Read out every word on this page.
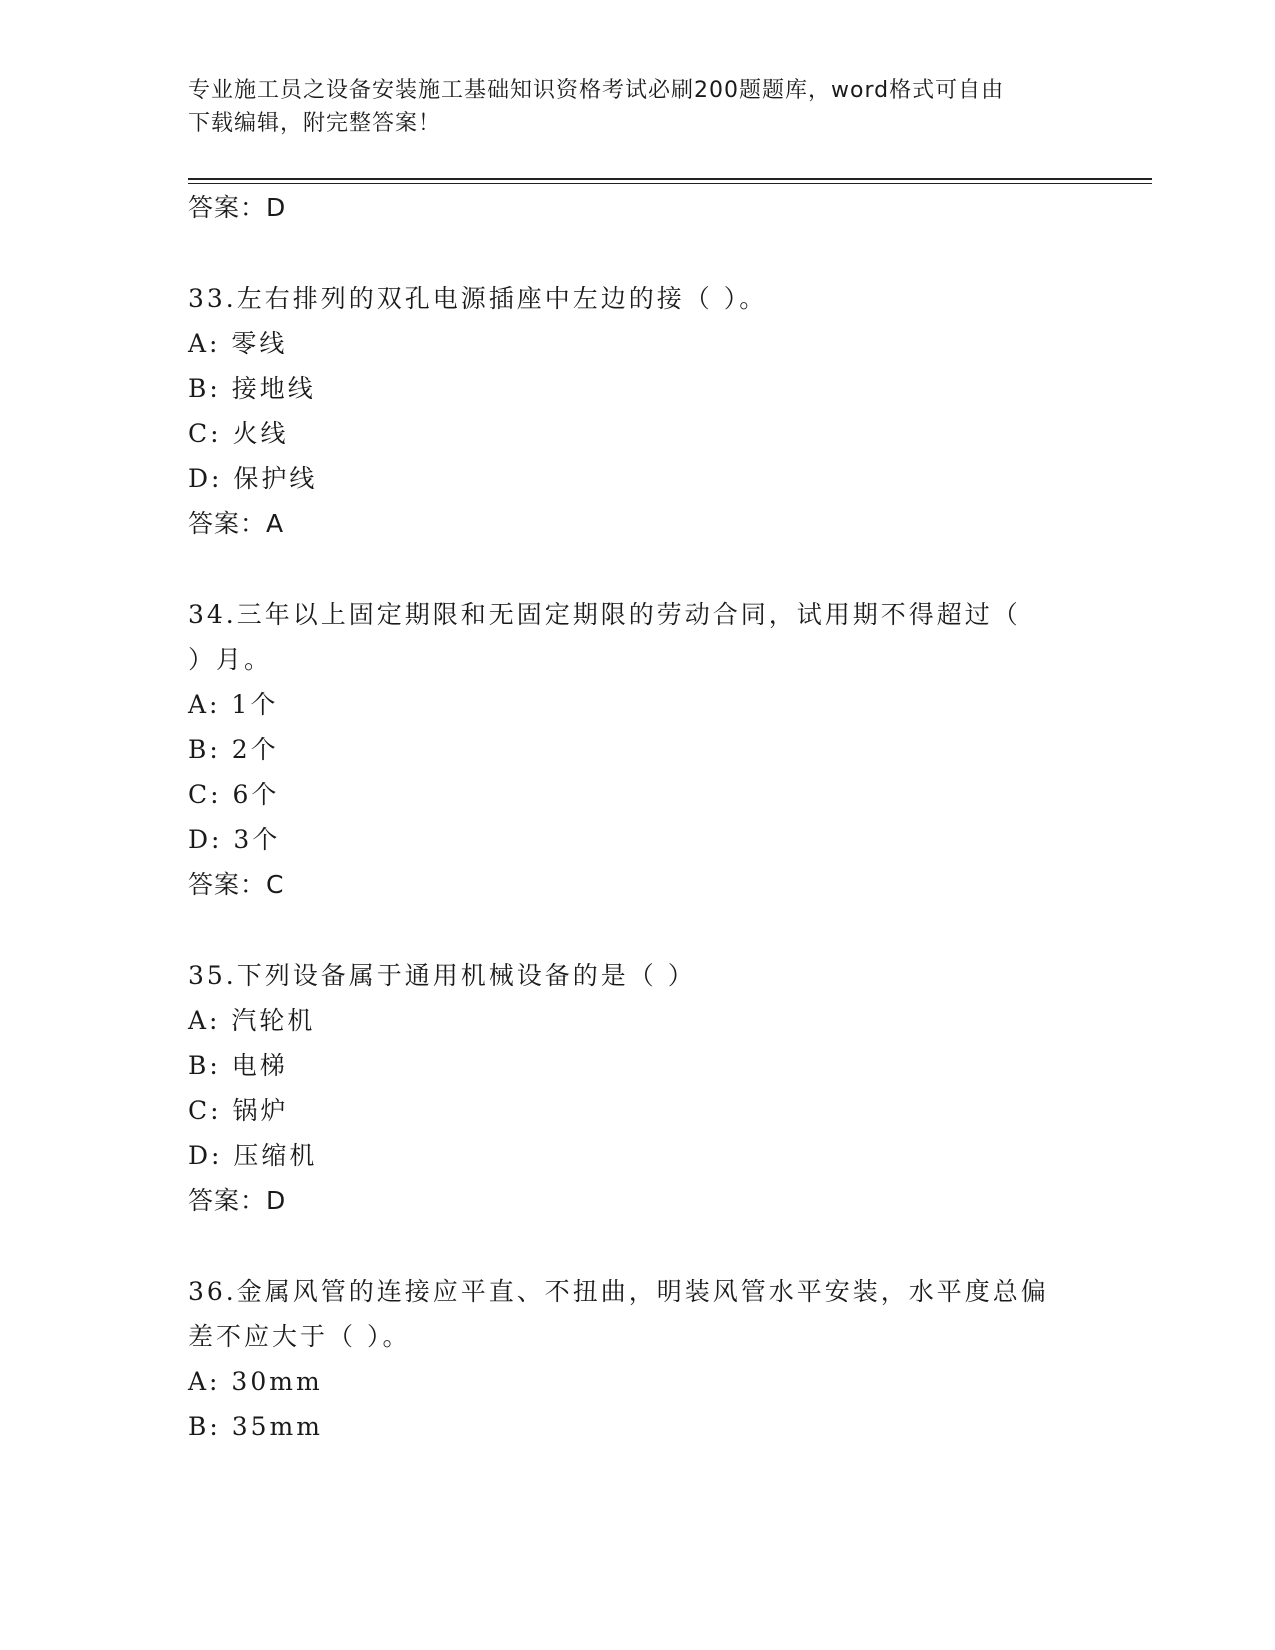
专业施工员之设备安装施工基础知识资格考试必刷200题题库，word格式可自由
下载编辑，附完整答案！
答案：D
33.左右排列的双孔电源插座中左边的接（ ）。
A: 零线
B: 接地线
C: 火线
D: 保护线
答案：A
34.三年以上固定期限和无固定期限的劳动合同，试用期不得超过（
）月。
A: 1个
B: 2个
C: 6个
D: 3个
答案：C
35.下列设备属于通用机械设备的是（ ）
A: 汽轮机
B: 电梯
C: 锅炉
D: 压缩机
答案：D
36.金属风管的连接应平直、不扭曲，明装风管水平安装，水平度总偏
差不应大于（ ）。
A: 30mm
B: 35mm
